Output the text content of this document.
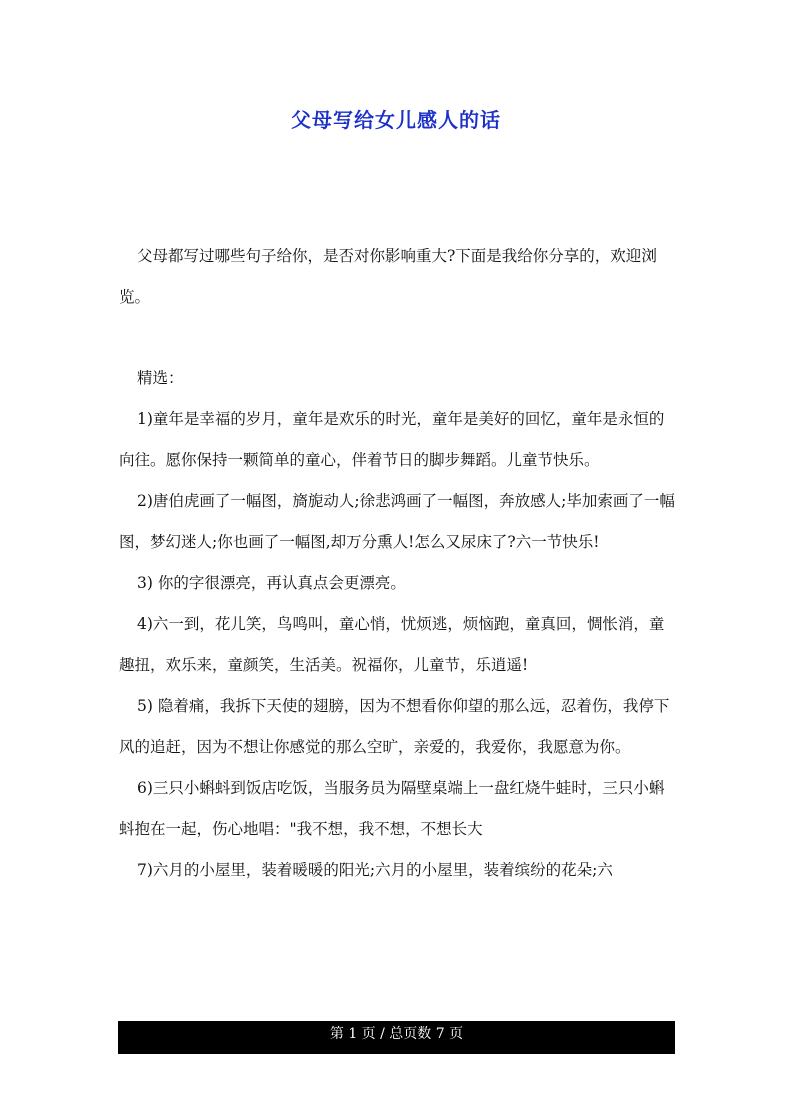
父母写给女儿感人的话

父母都写过哪些句子给你，是否对你影响重大?下面是我给你分享的，欢迎浏览。

精选：

1)童年是幸福的岁月，童年是欢乐的时光，童年是美好的回忆，童年是永恒的向往。愿你保持一颗简单的童心，伴着节日的脚步舞蹈。儿童节快乐。

2)唐伯虎画了一幅图，旖旎动人;徐悲鸿画了一幅图，奔放感人;毕加索画了一幅图，梦幻迷人;你也画了一幅图,却万分熏人!怎么又尿床了?六一节快乐!

3) 你的字很漂亮，再认真点会更漂亮。

4)六一到，花儿笑，鸟鸣叫，童心悄，忧烦逃，烦恼跑，童真回，惆怅消，童趣扭，欢乐来，童颜笑，生活美。祝福你，儿童节，乐逍遥!

5) 隐着痛，我拆下天使的翅膀，因为不想看你仰望的那么远，忍着伤，我停下风的追赶，因为不想让你感觉的那么空旷，亲爱的，我爱你，我愿意为你。

6)三只小蝌蚪到饭店吃饭，当服务员为隔壁桌端上一盘红烧牛蛙时，三只小蝌蚪抱在一起，伤心地唱："我不想，我不想，不想长大

7)六月的小屋里，装着暖暖的阳光;六月的小屋里，装着缤纷的花朵;六

第 1 页 / 总页数 7 页
